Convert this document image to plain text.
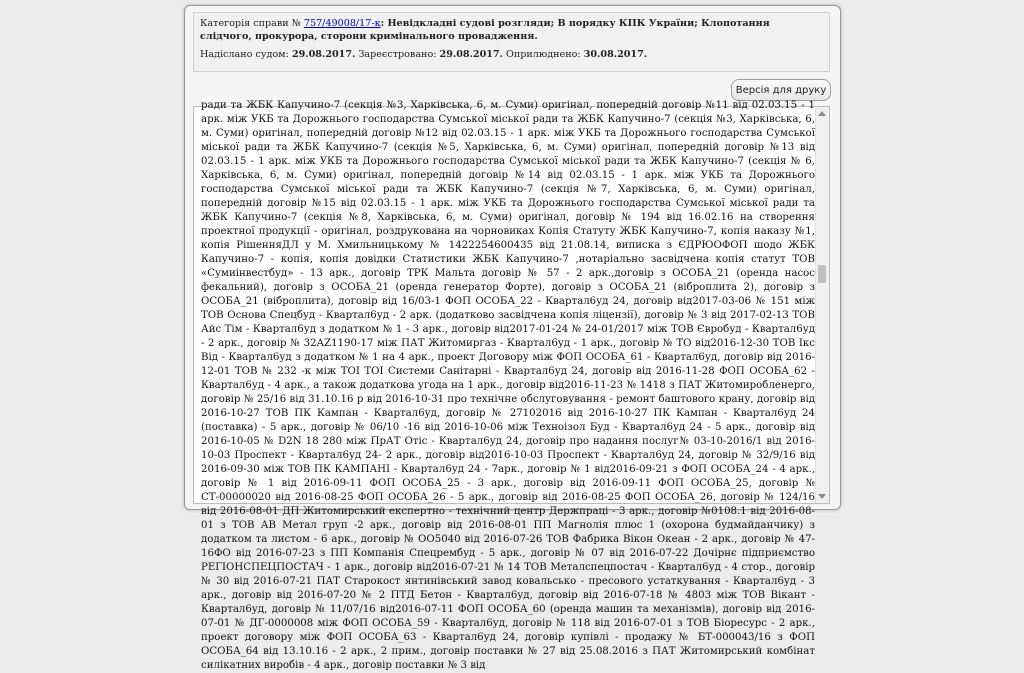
Категорія справи № 757/49008/17-к: Невідкладні судові розгляди; В порядку КПК України; Клопотання слідчого, прокурора, сторони кримінального провадження.
Надіслано судом: 29.08.2017. Зареєстровано: 29.08.2017. Оприлюднено: 30.08.2017.
Версія для друку
ради та ЖБК Капучино-7 (секція №3, Харківська, 6, м. Суми) оригінал, попередній договір №11 від 02.03.15 - 1 арк. між УКБ та Дорожнього господарства Сумської міської ради та ЖБК Капучино-7 (секція №3, Харківська, 6, м. Суми) оригінал, попередній договір №12 від 02.03.15 - 1 арк. між УКБ та Дорожнього господарства Сумської міської ради та ЖБК Капучино-7 (секція №5, Харківська, 6, м. Суми) оригінал, попередній договір №13 від 02.03.15 - 1 арк. між УКБ та Дорожнього господарства Сумської міської ради та ЖБК Капучино-7 (секція № 6, Харківська, 6, м. Суми) оригінал, попередній договір №14 від 02.03.15 - 1 арк. між УКБ та Дорожнього господарства Сумської міської ради та ЖБК Капучино-7 (секція №7, Харківська, 6, м. Суми) оригінал, попередній договір №15 від 02.03.15 - 1 арк. між УКБ та Дорожнього господарства Сумської міської ради та ЖБК Капучино-7 (секція №8, Харківська, 6, м. Суми) оригінал, договір № 194 від 16.02.16 на створення проектної продукції - оригінал, роздрукована на чорновиках Копія Статуту ЖБК Капучино-7, копія наказу №1, копія РішенняДЛ у М. Хмильницькому № 1422254600435 від 21.08.14, виписка з ЄДРЮОФОП шодо ЖБК Капучино-7 - копія, копія довідки Статистики ЖБК Капучино-7 ,нотаріально засвідчена копія статут ТОВ «Сумиінвестбуд» - 13 арк., договір ТРК Мальта договір № 57 - 2 арк.,договір з ОСОБА_21 (оренда насос фекальний), договір з ОСОБА_21 (оренда генератор Форте), договір з ОСОБА_21 (віброплита 2), договір з ОСОБА_21 (віброплита), договір від 16/03-1 ФОП ОСОБА_22 - Квартал6уд 24, договір від2017-03-06 № 151 між ТОВ Основа Спецбуд - Квартал6уд - 2 арк. (додатково засвідчена копія ліцензії), договір № 3 від 2017-02-13 ТОВ Айс Тім - Квартал6уд з додатком № 1 - 3 арк., договір від2017-01-24 № 24-01/2017 між ТОВ Євробуд - Квартал6уд - 2 арк., договір № 32AZ1190-17 між ПАТ Житомиргаз - Квартал6уд - 1 арк., договір № ТО від2016-12-30 ТОВ Ікс Від - Квартал6уд з додатком № 1 на 4 арк., проект Договору між ФОП ОСОБА_61 - Квартал6уд, договір від 2016-12-01 ТОВ № 232 -к між ТОІ ТОІ Системи Санітарні - Квартал6уд 24, договір від 2016-11-28 ФОП ОСОБА_62 - Квартал6уд - 4 арк., а також додаткова угода на 1 арк., договір від2016-11-23 № 1418 з ПАТ Житомиробленерго, договір № 25/16 від 31.10.16 р від 2016-10-31 про технічне обслуговування - ремонт баштового крану, договір від 2016-10-27 ТОВ ПК Кампан - Квартал6уд, договір № 27102016 від 2016-10-27 ПК Кампан - Квартал6уд 24 (поставка) - 5 арк., договір № 06/10 -16 від 2016-10-06 між Техноізол Буд - Квартал6уд 24 - 5 арк., договір від 2016-10-05 № D2N 18 280 між ПрАТ Отіс - Квартал6уд 24, договір про надання послуг№ 03-10-2016/1 від 2016-10-03 Проспект - Квартал6уд 24- 2 арк., договір від2016-10-03 Проспект - Квартал6уд 24, договір № 32/9/16 від 2016-09-30 між ТОВ ПК КАМПАНІ - Квартал6уд 24 - 7арк., договір № 1 від2016-09-21 з ФОП ОСОБА_24 - 4 арк., договір № 1 від 2016-09-11 ФОП ОСОБА_25 - 3 арк., договір від 2016-09-11 ФОП ОСОБА_25, договір № СТ-00000020 від 2016-08-25 ФОП ОСОБА_26 - 5 арк., договір від 2016-08-25 ФОП ОСОБА_26, договір № 124/16 від 2016-08-01 ДП Житомирський експертно - технічний центр Держпраці - 3 арк., договір №0108.1 від 2016-08-01 з ТОВ АВ Метал груп -2 арк., договір від 2016-08-01 ПП Магнолія плюс 1 (охорона будмайданчику) з додатком та листом - 6 арк., договір № ОО5040 від 2016-07-26 ТОВ Фабрика Вікон Океан - 2 арк., договір № 47-16ФО від 2016-07-23 з ПП Компанія Спецрембуд - 5 арк., договір № 07 від 2016-07-22 Дочірнє підприємство РЕГІОНСПЕЦПОСТАЧ - 1 арк., договір від2016-07-21 № 14 ТОВ Металспецпостач - Квартал6уд - 4 стор., договір № 30 від 2016-07-21 ПАТ Старокост янтинівський завод ковальсько - пресового устаткування - Квартал6уд - 3 арк., договір від 2016-07-20 № 2 ПТД Бетон - Квартал6уд, договір від 2016-07-18 № 4803 між ТОВ Вікант - Квартал6уд, договір № 11/07/16 від2016-07-11 ФОП ОСОБА_60 (оренда машин та механізмів), договір від 2016-07-01 № ДГ-0000008 між ФОП ОСОБА_59 - Квартал6уд, договір № 118 від 2016-07-01 з ТОВ Біоресурс - 2 арк., проект договору між ФОП ОСОБА_63 - Квартал6уд 24, договір купівлі - продажу № БТ-000043/16 з ФОП ОСОБА_64 від 13.10.16 - 2 арк., 2 прим., договір поставки № 27 від 25.08.2016 з ПАТ Житомирський комбінат силікатних виробів - 4 арк., договір поставки № 3 від
